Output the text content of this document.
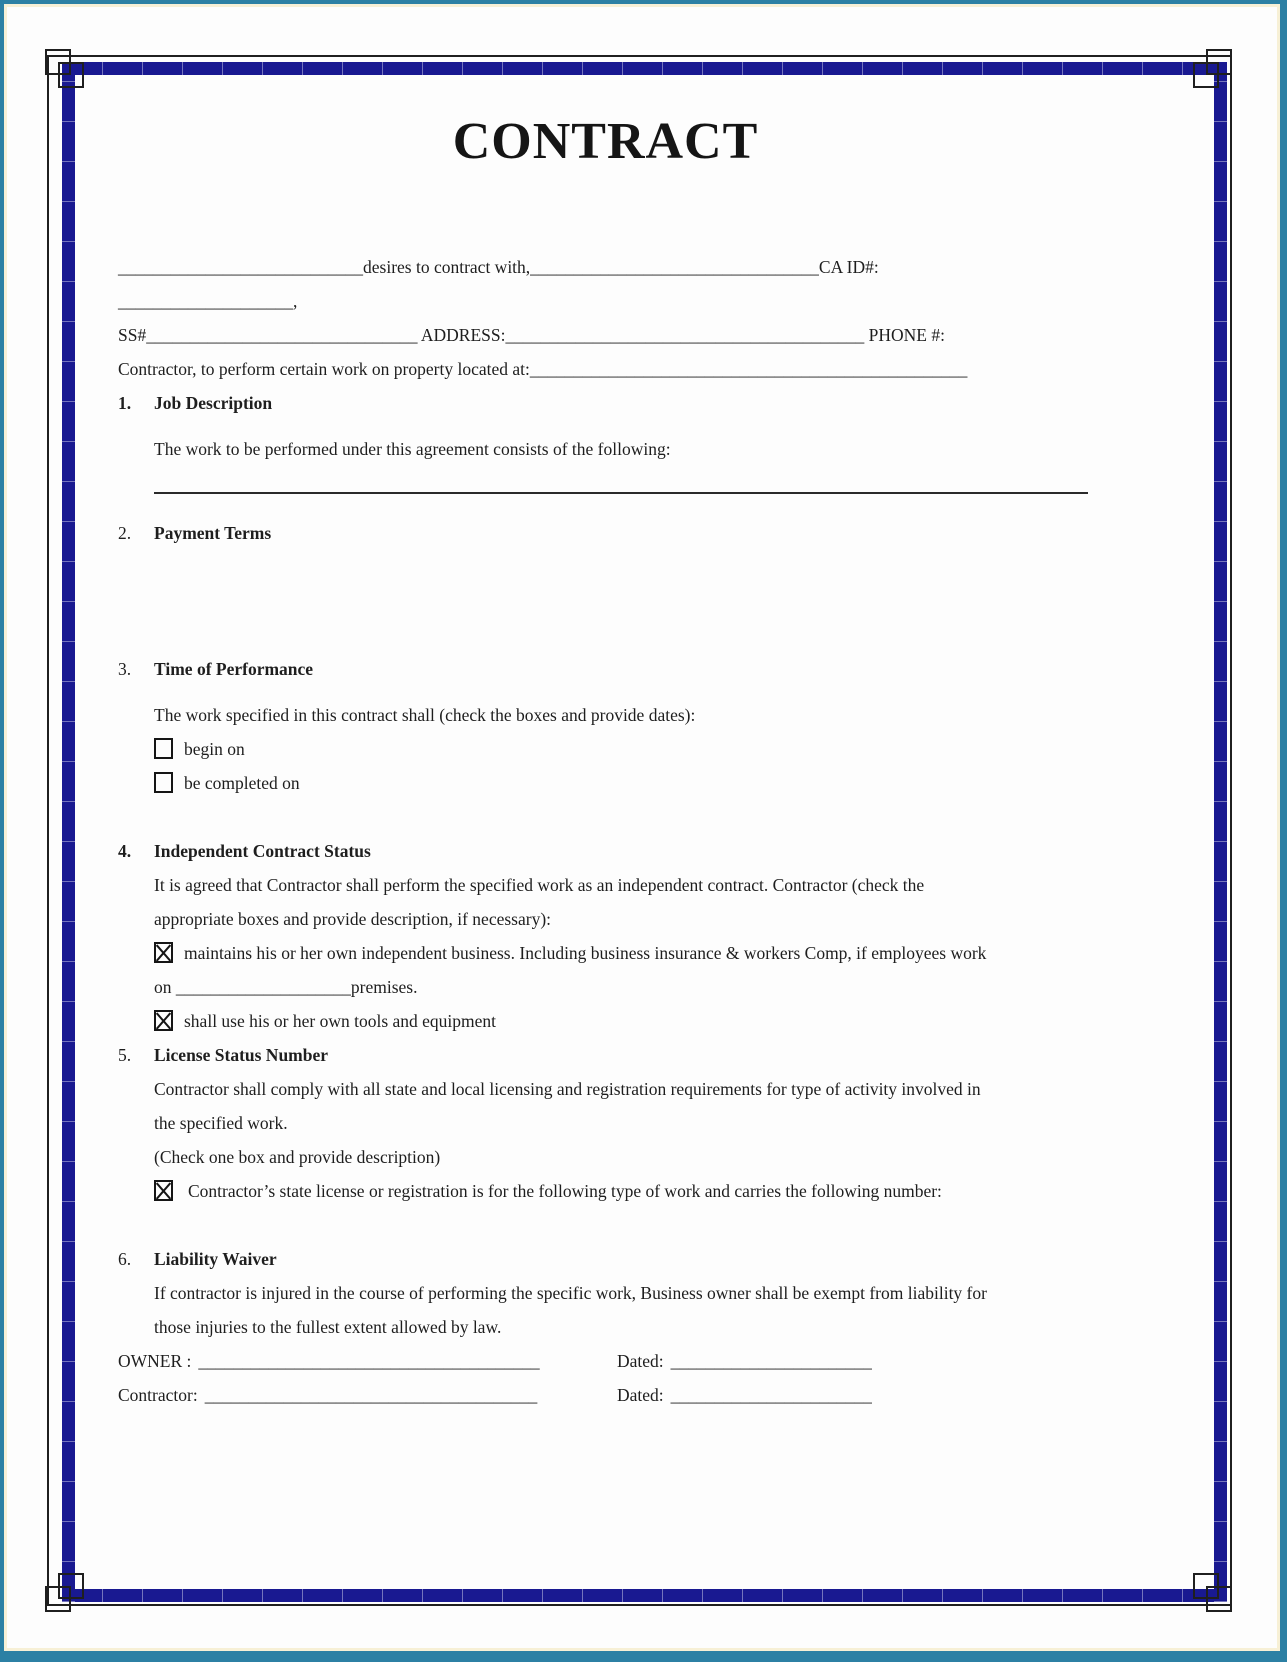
CONTRACT
____________________________desires to contract with,_________________________________CA ID#:
____________________,
SS#_______________________________ ADDRESS:_________________________________________ PHONE #:
Contractor, to perform certain work on property located at:__________________________________________________
1.	Job Description
The work to be performed under this agreement consists of the following:
2.	Payment Terms
3.	Time of Performance
The work specified in this contract shall (check the boxes and provide dates):
begin on
be completed on
4.	Independent Contract Status
It is agreed that Contractor shall perform the specified work as an independent contract. Contractor (check the
appropriate boxes and provide description, if necessary):
maintains his or her own independent business. Including business insurance & workers Comp, if employees work
on ____________________premises.
shall use his or her own tools and equipment
5.	License Status Number
Contractor shall comply with all state and local licensing and registration requirements for type of activity involved in
the specified work.
(Check one box and provide description)
Contractor’s state license or registration is for the following type of work and carries the following number:
6.	Liability Waiver
If contractor is injured in the course of performing the specific work, Business owner shall be exempt from liability for
those injuries to the fullest extent allowed by law.
OWNER : _______________________________________	Dated: _______________________
Contractor: ______________________________________	Dated: _______________________
